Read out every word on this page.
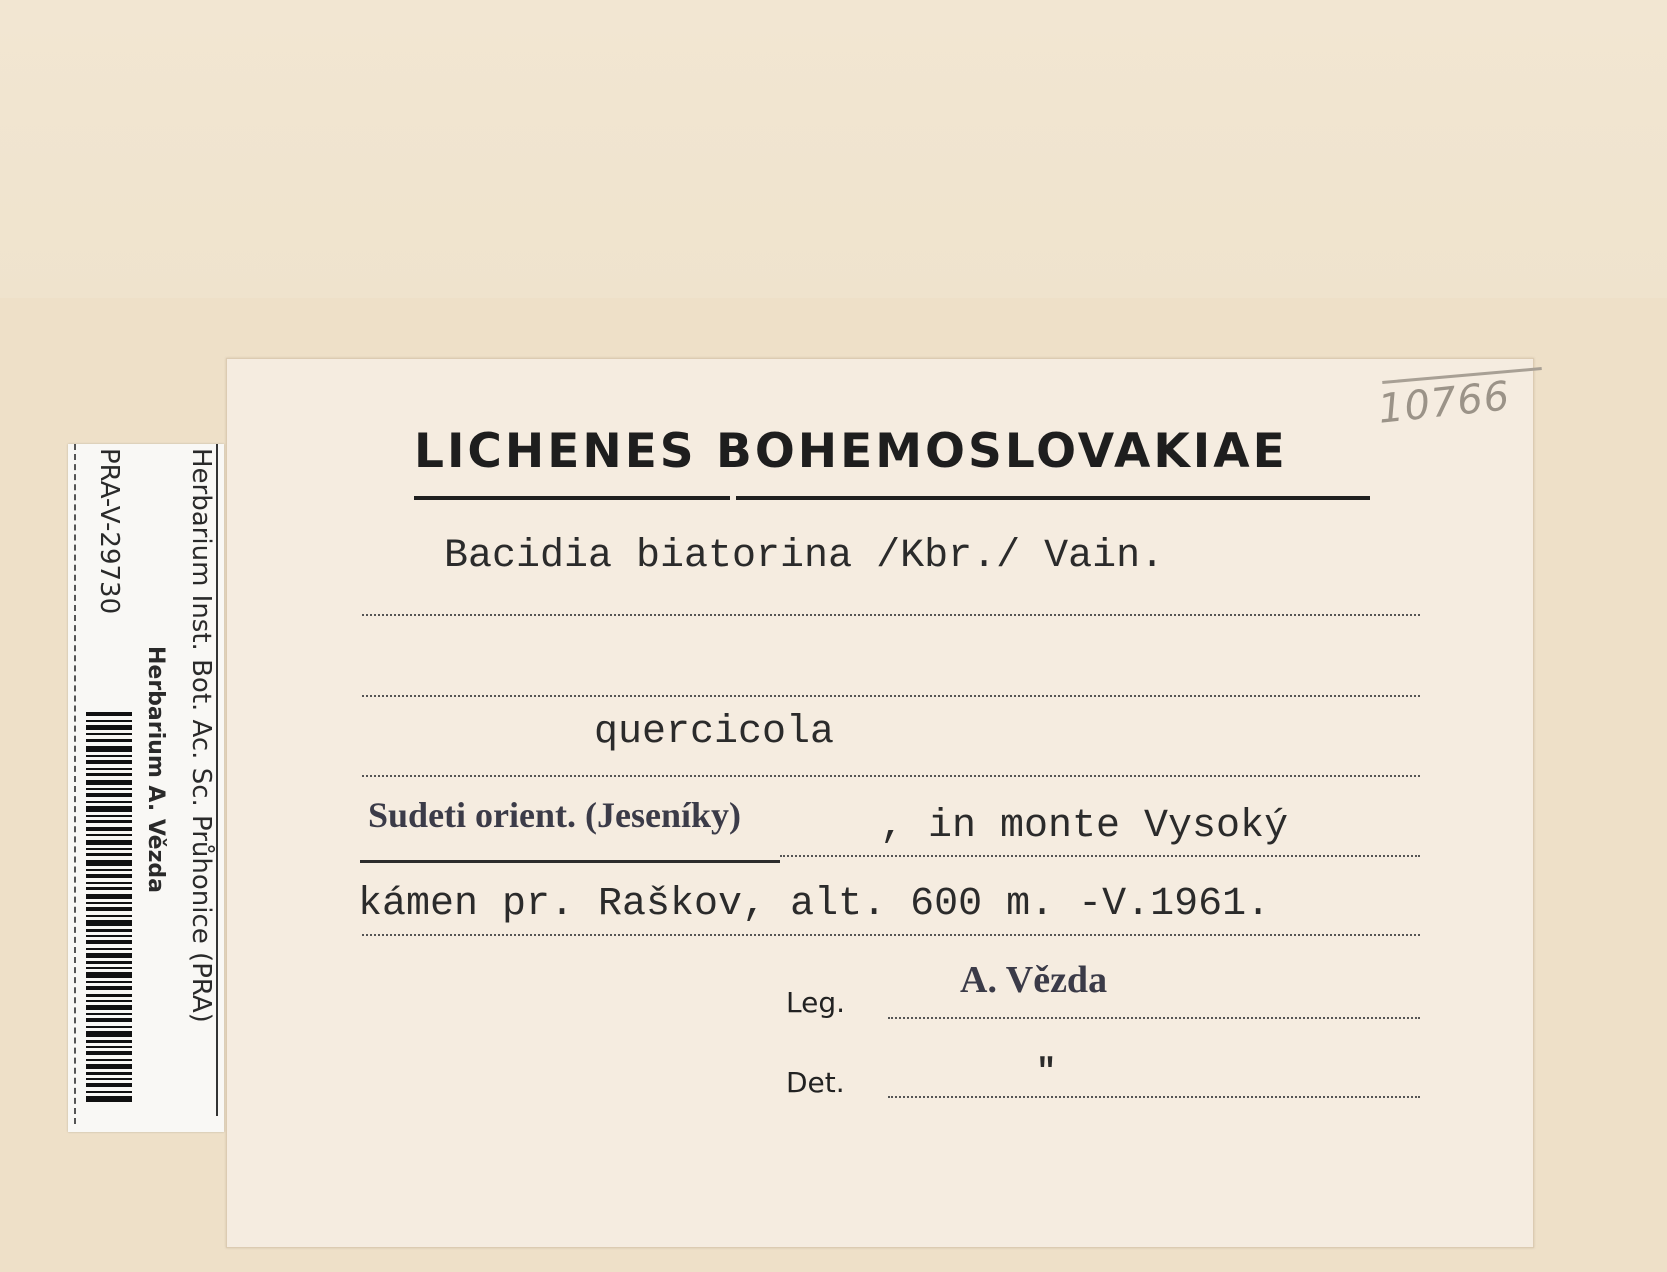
10766
LICHENES BOHEMOSLOVAKIAE
Bacidia biatorina /Kbr./ Vain.
quercicola
Sudeti orient. (Jeseníky)	, in monte Vysoký
kámen pr. Raškov, alt. 600 m. -V.1961.
Leg.
A. Vězda
Det.	"
Herbarium Inst. Bot. Ac. Sc. Průhonice (PRA)
Herbarium A. Vězda
PRA-V-29730
